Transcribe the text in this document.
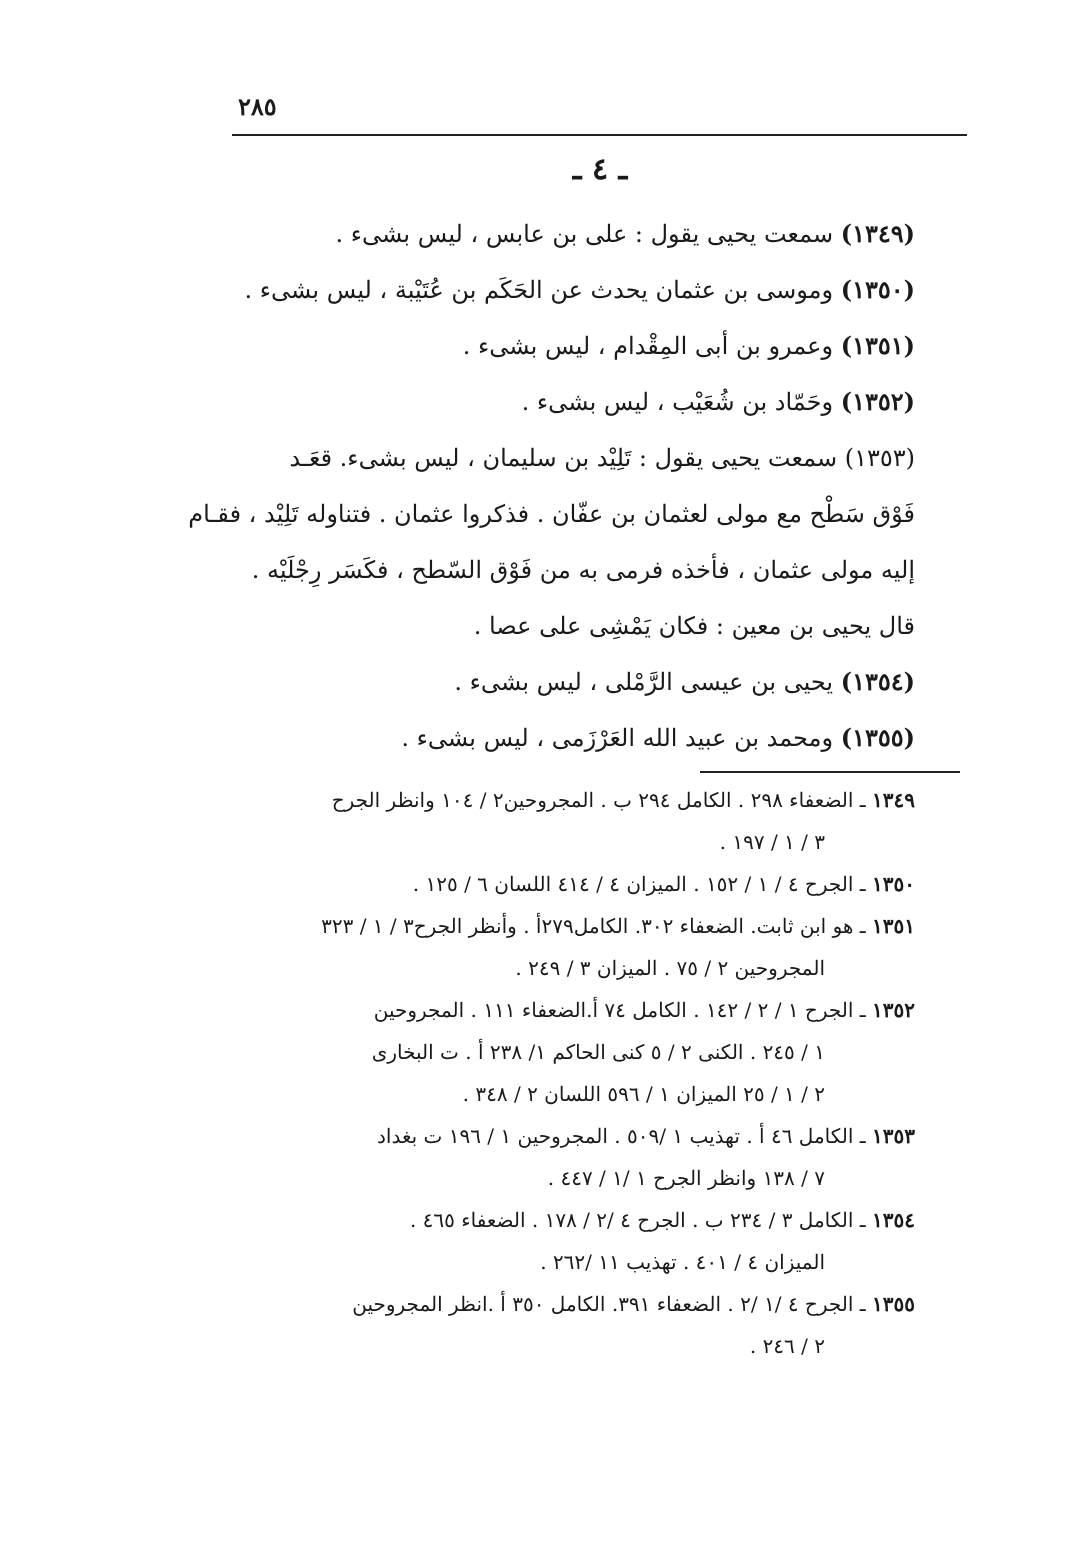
٢٨٥
ـ ٤ ـ
(١٣٤٩) سمعت يحيى يقول : على بن عابس ، ليس بشىء .
(١٣٥٠) وموسى بن عثمان يحدث عن الحَكَم بن عُتَيْبة ، ليس بشىء .
(١٣٥١) وعمرو بن أبى المِقْدام ، ليس بشىء .
(١٣٥٢) وحَمّاد بن شُعَيْب ، ليس بشىء .
(١٣٥٣) سمعت يحيى يقول : تَلِيْد بن سليمان ، ليس بشىء. قعَـد
فَوْق سَطْح مع مولى لعثمان بن عفّان . فذكروا عثمان . فتناوله تَلِيْد ، فقـام
إليه مولى عثمان ، فأخذه فرمى به من فَوْق السّطح ، فكَسَر رِجْلَيْه .
قال يحيى بن معين : فكان يَمْشِى على عصا .
(١٣٥٤) يحيى بن عيسى الرَّمْلى ، ليس بشىء .
(١٣٥٥) ومحمد بن عبيد الله العَرْزَمى ، ليس بشىء .
١٣٤٩ ـ الضعفاء ٢٩٨ . الكامل ٢٩٤ ب . المجروحين٢ / ١٠٤ وانظر الجرح
٣ / ١ / ١٩٧ .
١٣٥٠ ـ الجرح ٤ / ١ / ١٥٢ . الميزان ٤ / ٤١٤ اللسان ٦ / ١٢٥ .
١٣٥١ ـ هو ابن ثابت. الضعفاء ٣٠٢. الكامل٢٧٩أ . وأنظر الجرح٣ / ١ / ٣٢٣
المجروحين ٢ / ٧٥ . الميزان ٣ / ٢٤٩ .
١٣٥٢ ـ الجرح ١ / ٢ / ١٤٢ . الكامل ٧٤ أ.الضعفاء ١١١ . المجروحين
١ / ٢٤٥ . الكنى ٢ / ٥ كنى الحاكم ١/ ٢٣٨ أ . ت البخارى
٢ / ١ / ٢٥ الميزان ١ / ٥٩٦ اللسان ٢ / ٣٤٨ .
١٣٥٣ ـ الكامل ٤٦ أ . تهذيب ١ /٥٠٩ . المجروحين ١ / ١٩٦ ت بغداد
٧ / ١٣٨ وانظر الجرح ١ /١ / ٤٤٧ .
١٣٥٤ ـ الكامل ٣ / ٢٣٤ ب . الجرح ٤ /٢ / ١٧٨ . الضعفاء ٤٦٥ .
الميزان ٤ / ٤٠١ . تهذيب ١١ /٢٦٢ .
١٣٥٥ ـ الجرح ٤ /١ /٢ . الضعفاء ٣٩١. الكامل ٣٥٠ أ .انظر المجروحين
٢ / ٢٤٦ .
